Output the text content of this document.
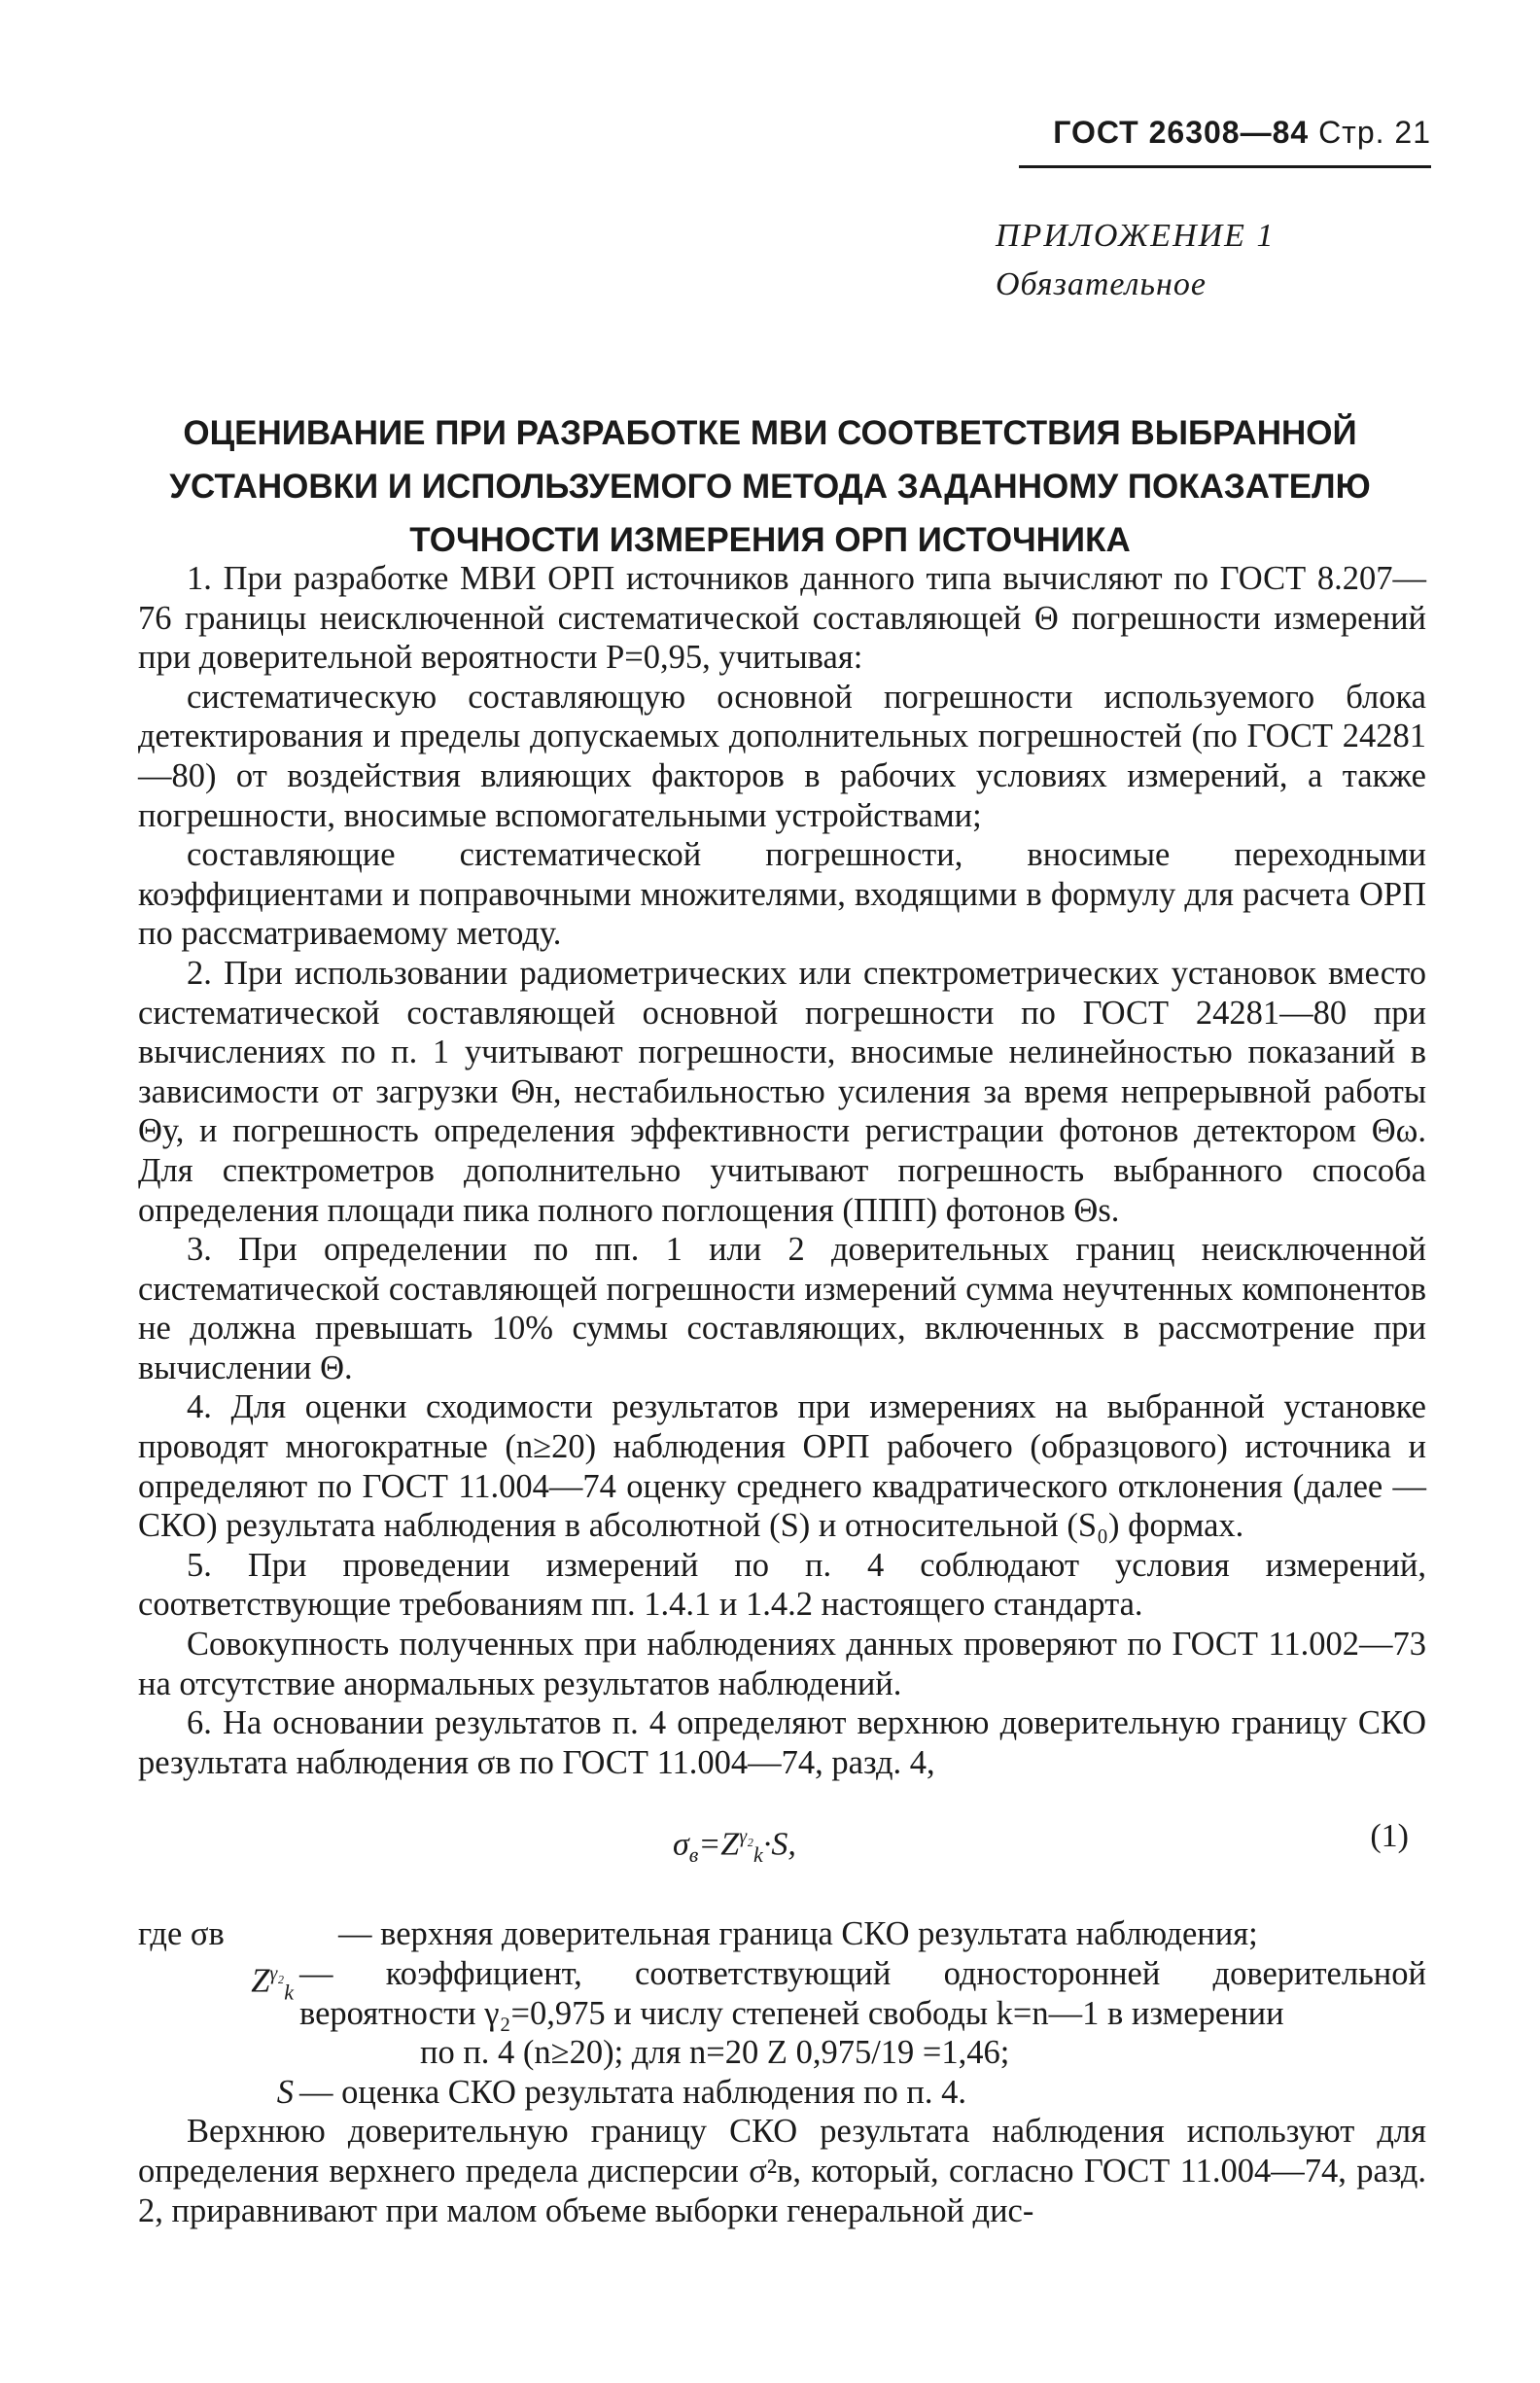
ГОСТ 26308—84 Стр. 21
ПРИЛОЖЕНИЕ 1
Обязательное
ОЦЕНИВАНИЕ ПРИ РАЗРАБОТКЕ МВИ СООТВЕТСТВИЯ ВЫБРАННОЙ
УСТАНОВКИ И ИСПОЛЬЗУЕМОГО МЕТОДА ЗАДАННОМУ ПОКАЗАТЕЛЮ
ТОЧНОСТИ ИЗМЕРЕНИЯ ОРП ИСТОЧНИКА

1. При разработке МВИ ОРП источников данного типа вычисляют по ГОСТ 8.207—76 границы неисключенной систематической составляющей Θ погрешности измерений при доверительной вероятности P=0,95, учитывая:

систематическую составляющую основной погрешности используемого блока детектирования и пределы допускаемых дополнительных погрешностей (по ГОСТ 24281—80) от воздействия влияющих факторов в рабочих условиях измерений, а также погрешности, вносимые вспомогательными устройствами;

составляющие систематической погрешности, вносимые переходными коэффициентами и поправочными множителями, входящими в формулу для расчета ОРП по рассматриваемому методу.

2. При использовании радиометрических или спектрометрических установок вместо систематической составляющей основной погрешности по ГОСТ 24281—80 при вычислениях по п. 1 учитывают погрешности, вносимые нелинейностью показаний в зависимости от загрузки Θн, нестабильностью усиления за время непрерывной работы Θу, и погрешность определения эффективности регистрации фотонов детектором Θω. Для спектрометров дополнительно учитывают погрешность выбранного способа определения площади пика полного поглощения (ППП) фотонов Θs.

3. При определении по пп. 1 или 2 доверительных границ неисключенной систематической составляющей погрешности измерений сумма неучтенных компонентов не должна превышать 10% суммы составляющих, включенных в рассмотрение при вычислении Θ.

4. Для оценки сходимости результатов при измерениях на выбранной установке проводят многократные (n≥20) наблюдения ОРП рабочего (образцового) источника и определяют по ГОСТ 11.004—74 оценку среднего квадратического отклонения (далее — СКО) результата наблюдения в абсолютной (S) и относительной (S₀) формах.

5. При проведении измерений по п. 4 соблюдают условия измерений, соответствующие требованиям пп. 1.4.1 и 1.4.2 настоящего стандарта.

Совокупность полученных при наблюдениях данных проверяют по ГОСТ 11.002—73 на отсутствие анормальных результатов наблюдений.

6. На основании результатов п. 4 определяют верхнюю доверительную границу СКО результата наблюдения σв по ГОСТ 11.004—74, разд. 4,

$\sigma_в=Z^{\gamma_2}_k\cdot S$,	(1)
где σв	— верхняя доверительная граница СКО результата наблюдения;
$Z^{\gamma_2}_k$ — коэффициент, соответствующий односторонней доверительной вероятности γ₂=0,975 и числу степеней свободы k=n—1 в измерении
по п. 4 (n≥20); для n=20 Z 0,975/19 =1,46;
S — оценка СКО результата наблюдения по п. 4.

Верхнюю доверительную границу СКО результата наблюдения используют для определения верхнего предела дисперсии σ²в, который, согласно ГОСТ 11.004—74, разд. 2, приравнивают при малом объеме выборки генеральной дис-
